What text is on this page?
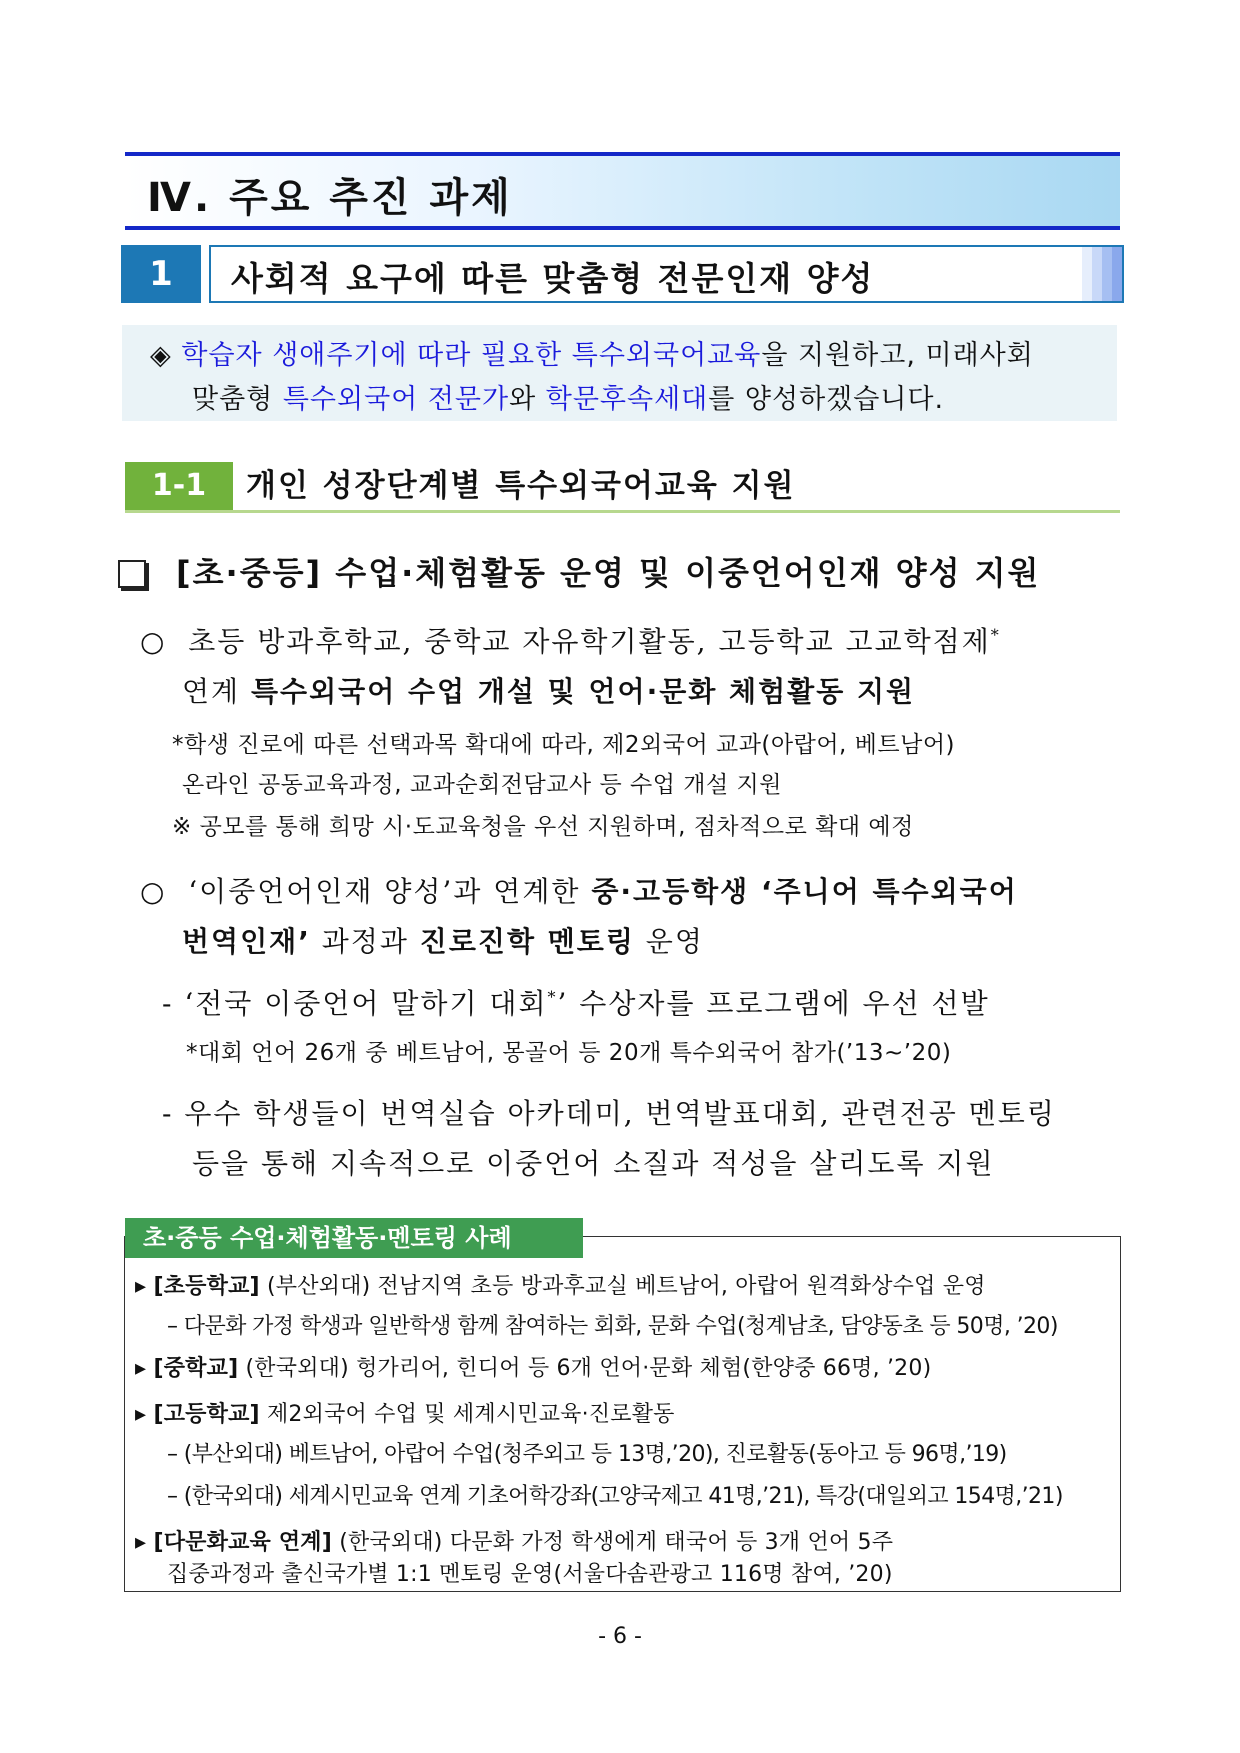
Ⅳ. 주요 추진 과제
1	사회적 요구에 따른 맞춤형 전문인재 양성
◈ 학습자 생애주기에 따라 필요한 특수외국어교육을 지원하고, 미래사회
맞춤형 특수외국어 전문가와 학문후속세대를 양성하겠습니다.
1-1	개인 성장단계별 특수외국어교육 지원
[초·중등] 수업·체험활동 운영 및 이중언어인재 양성 지원
○ 초등 방과후학교, 중학교 자유학기활동, 고등학교 고교학점제*
연계 특수외국어 수업 개설 및 언어·문화 체험활동 지원
*학생 진로에 따른 선택과목 확대에 따라, 제2외국어 교과(아랍어, 베트남어)
온라인 공동교육과정, 교과순회전담교사 등 수업 개설 지원
※ 공모를 통해 희망 시·도교육청을 우선 지원하며, 점차적으로 확대 예정
○ ‘이중언어인재 양성’과 연계한 중·고등학생 ‘주니어 특수외국어
번역인재’ 과정과 진로진학 멘토링 운영
- ‘전국 이중언어 말하기 대회*’ 수상자를 프로그램에 우선 선발
*대회 언어 26개 중 베트남어, 몽골어 등 20개 특수외국어 참가(’13~’20)
- 우수 학생들이 번역실습 아카데미, 번역발표대회, 관련전공 멘토링
등을 통해 지속적으로 이중언어 소질과 적성을 살리도록 지원
▸ [초등학교] (부산외대) 전남지역 초등 방과후교실 베트남어, 아랍어 원격화상수업 운영
– 다문화 가정 학생과 일반학생 함께 참여하는 회화, 문화 수업(청계남초, 담양동초 등 50명, ’20)
▸ [중학교] (한국외대) 헝가리어, 힌디어 등 6개 언어·문화 체험(한양중 66명, ’20)
▸ [고등학교] 제2외국어 수업 및 세계시민교육·진로활동
– (부산외대) 베트남어, 아랍어 수업(청주외고 등 13명,’20), 진로활동(동아고 등 96명,’19)
– (한국외대) 세계시민교육 연계 기초어학강좌(고양국제고 41명,’21), 특강(대일외고 154명,’21)
▸ [다문화교육 연계] (한국외대) 다문화 가정 학생에게 태국어 등 3개 언어 5주
집중과정과 출신국가별 1:1 멘토링 운영(서울다솜관광고 116명 참여, ’20)
초·중등 수업·체험활동·멘토링 사례
- 6 -
